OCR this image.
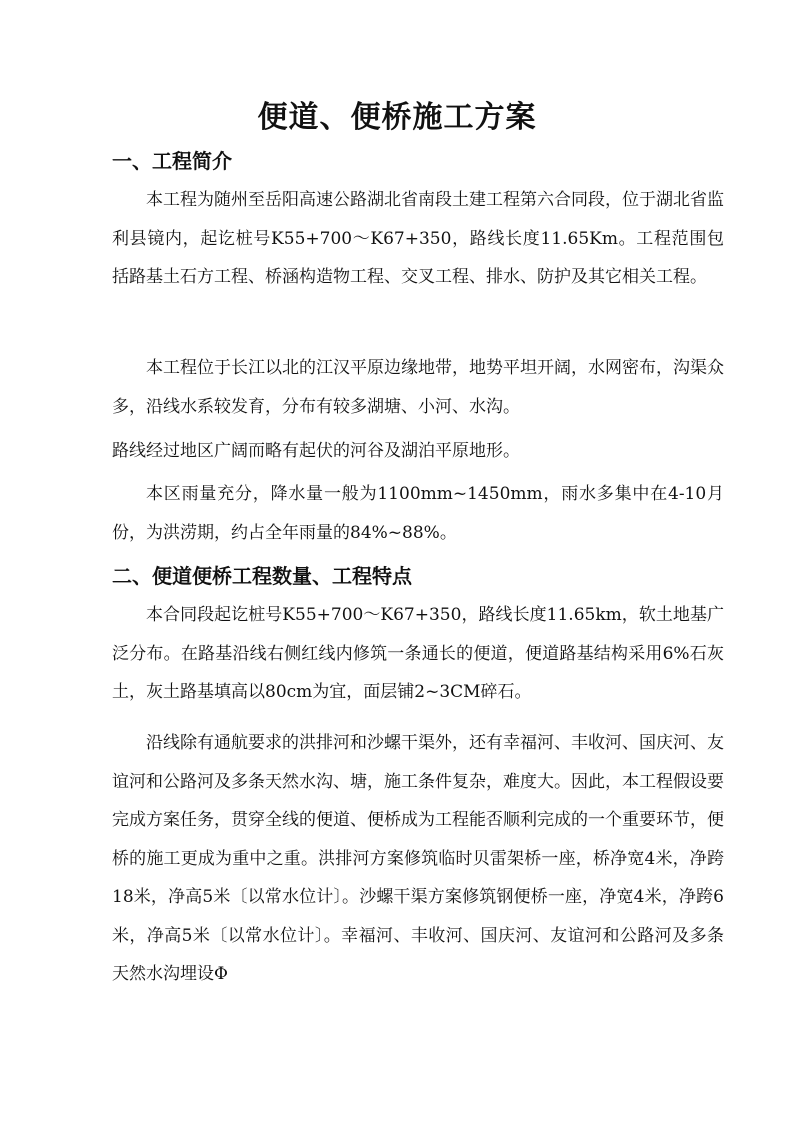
便道、便桥施工方案
一、工程简介

本工程为随州至岳阳高速公路湖北省南段土建工程第六合同段，位于湖北省监利县镜内，起讫桩号K55+700～K67+350，路线长度11.65Km。工程范围包括路基土石方工程、桥涵构造物工程、交叉工程、排水、防护及其它相关工程。

本工程位于长江以北的江汉平原边缘地带，地势平坦开阔，水网密布，沟渠众多，沿线水系较发育，分布有较多湖塘、小河、水沟。

路线经过地区广阔而略有起伏的河谷及湖泊平原地形。

本区雨量充分，降水量一般为1100mm~1450mm，雨水多集中在4-10月份，为洪涝期，约占全年雨量的84%~88%。

二、便道便桥工程数量、工程特点

本合同段起讫桩号K55+700～K67+350，路线长度11.65km，软土地基广泛分布。在路基沿线右侧红线内修筑一条通长的便道，便道路基结构采用6%石灰土，灰土路基填高以80cm为宜，面层铺2~3CM碎石。

沿线除有通航要求的洪排河和沙螺干渠外，还有幸福河、丰收河、国庆河、友谊河和公路河及多条天然水沟、塘，施工条件复杂，难度大。因此，本工程假设要完成方案任务，贯穿全线的便道、便桥成为工程能否顺利完成的一个重要环节，便桥的施工更成为重中之重。洪排河方案修筑临时贝雷架桥一座，桥净宽4米，净跨18米，净高5米〔以常水位计〕。沙螺干渠方案修筑钢便桥一座，净宽4米，净跨6米，净高5米〔以常水位计〕。幸福河、丰收河、国庆河、友谊河和公路河及多条天然水沟埋设Φ
